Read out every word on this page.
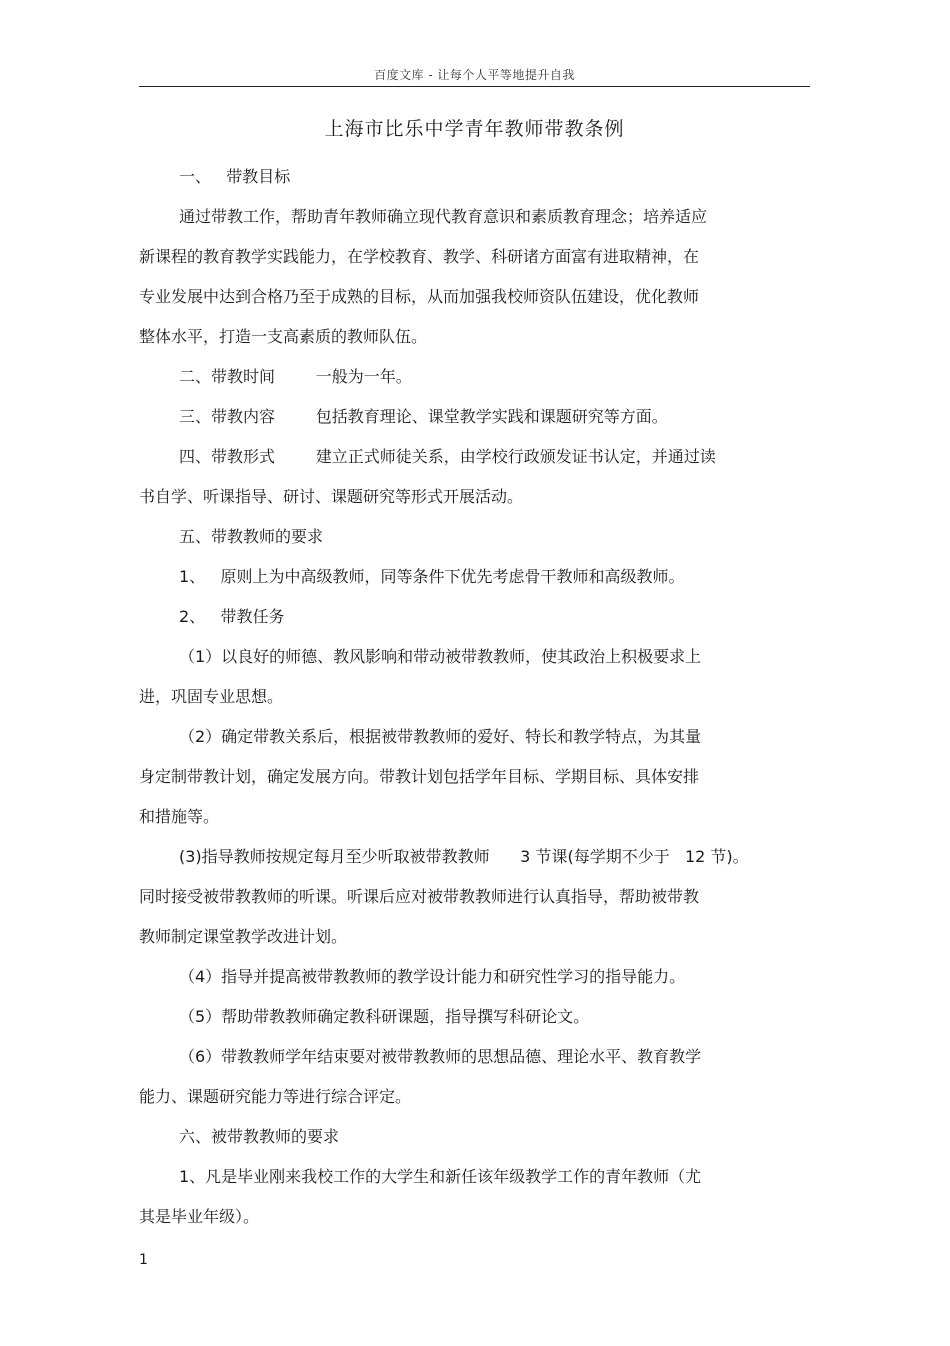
百度文库 - 让每个人平等地提升自我
上海市比乐中学青年教师带教条例
一、   带教目标
通过带教工作，帮助青年教师确立现代教育意识和素质教育理念；培养适应
新课程的教育教学实践能力，在学校教育、教学、科研诸方面富有进取精神，在
专业发展中达到合格乃至于成熟的目标，从而加强我校师资队伍建设，优化教师
整体水平，打造一支高素质的教师队伍。
二、带教时间        一般为一年。
三、带教内容        包括教育理论、课堂教学实践和课题研究等方面。
四、带教形式        建立正式师徒关系，由学校行政颁发证书认定，并通过读
书自学、听课指导、研讨、课题研究等形式开展活动。
五、带教教师的要求
1、   原则上为中高级教师，同等条件下优先考虑骨干教师和高级教师。
2、   带教任务
（1）以良好的师德、教风影响和带动被带教教师，使其政治上积极要求上
进，巩固专业思想。
（2）确定带教关系后，根据被带教教师的爱好、特长和教学特点，为其量
身定制带教计划，确定发展方向。带教计划包括学年目标、学期目标、具体安排
和措施等。
(3)指导教师按规定每月至少听取被带教教师      3 节课(每学期不少于   12 节)。
同时接受被带教教师的听课。听课后应对被带教教师进行认真指导，帮助被带教
教师制定课堂教学改进计划。
（4）指导并提高被带教教师的教学设计能力和研究性学习的指导能力。
（5）帮助带教教师确定教科研课题，指导撰写科研论文。
（6）带教教师学年结束要对被带教教师的思想品德、理论水平、教育教学
能力、课题研究能力等进行综合评定。
六、被带教教师的要求
1、凡是毕业刚来我校工作的大学生和新任该年级教学工作的青年教师（尤
其是毕业年级）。
1
